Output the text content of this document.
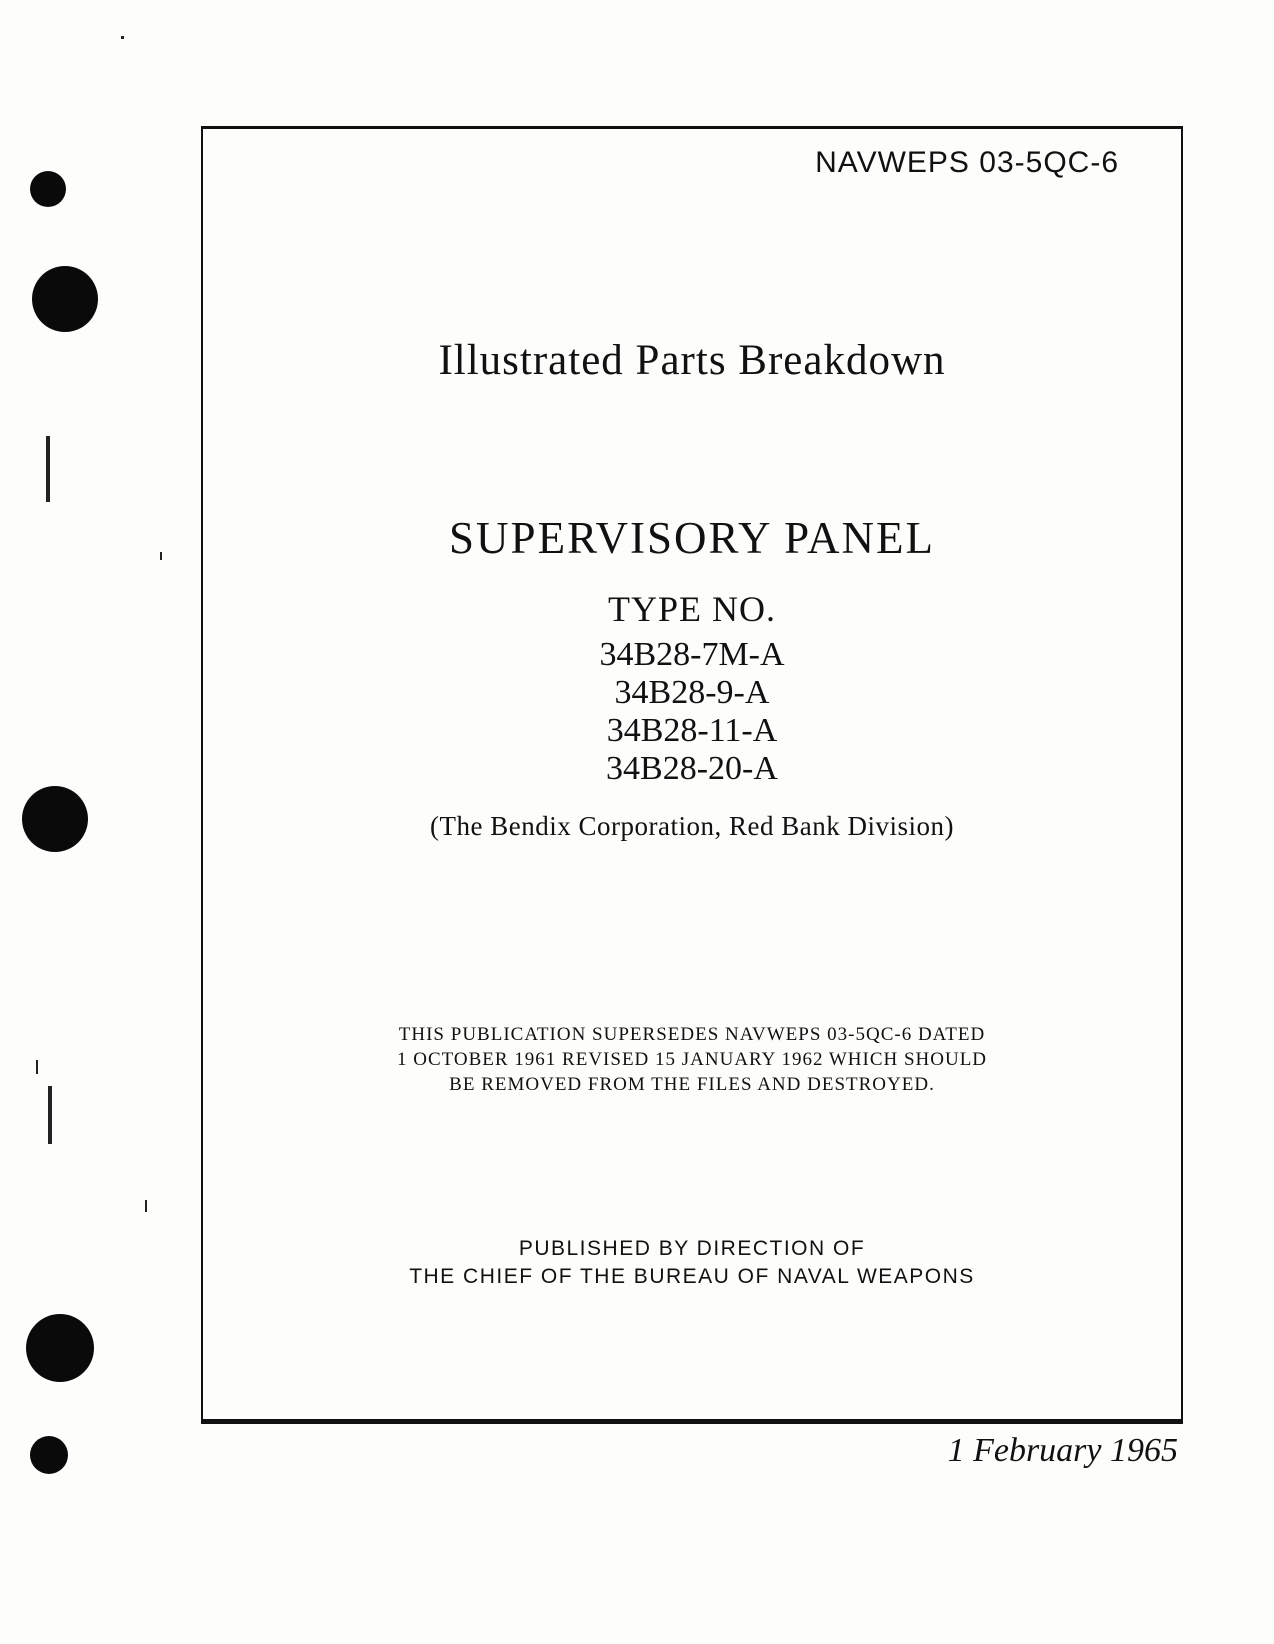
NAVWEPS 03-5QC-6
Illustrated Parts Breakdown
SUPERVISORY PANEL
TYPE NO.
34B28-7M-A
34B28-9-A
34B28-11-A
34B28-20-A
(The Bendix Corporation, Red Bank Division)
THIS PUBLICATION SUPERSEDES NAVWEPS 03-5QC-6 DATED
1 OCTOBER 1961 REVISED 15 JANUARY 1962 WHICH SHOULD
BE REMOVED FROM THE FILES AND DESTROYED.
PUBLISHED BY DIRECTION OF
THE CHIEF OF THE BUREAU OF NAVAL WEAPONS
1 February 1965
